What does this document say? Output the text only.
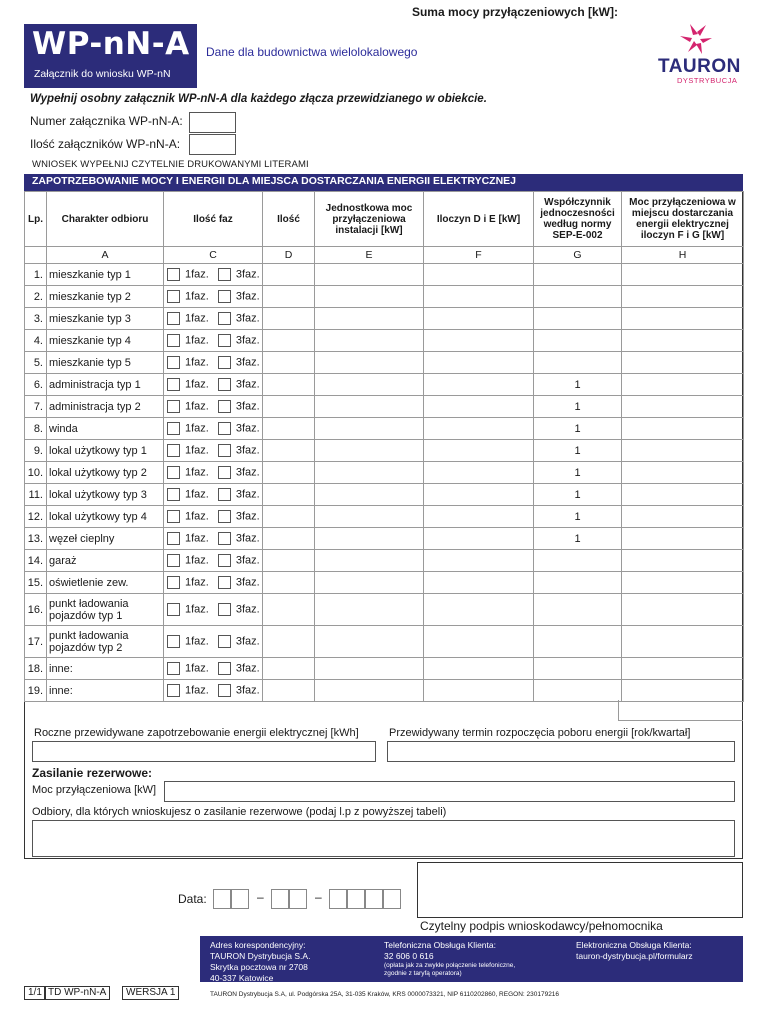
WP-nN-A
Załącznik do wniosku WP-nN
Dane dla budownictwa wielolokalowego
TAURON
DYSTRYBUCJA
Wypełnij osobny załącznik WP-nN-A dla każdego złącza przewidzianego w obiekcie.
Numer załącznika WP-nN-A:
Ilość załączników WP-nN-A:
WNIOSEK WYPEŁNIJ CZYTELNIE DRUKOWANYMI LITERAMI
ZAPOTRZEBOWANIE MOCY I ENERGII DLA MIEJSCA DOSTARCZANIA ENERGII ELEKTRYCZNEJ
Lp.	Charakter odbioru	Ilość faz	Ilość	Jednostkowa moc przyłączeniowa instalacji [kW]	Iloczyn D i E [kW]	Współczynnik jednoczesności według normy SEP-E-002	Moc przyłączeniowa w miejscu dostarczania energii elektrycznej iloczyn F i G [kW]
	A	C	D	E	F	G	H
1.	mieszkanie typ 1	1faz. 3faz.					
2.	mieszkanie typ 2	1faz. 3faz.					
3.	mieszkanie typ 3	1faz. 3faz.					
4.	mieszkanie typ 4	1faz. 3faz.					
5.	mieszkanie typ 5	1faz. 3faz.					
6.	administracja typ 1	1faz. 3faz.				1	
7.	administracja typ 2	1faz. 3faz.				1	
8.	winda	1faz. 3faz.				1	
9.	lokal użytkowy typ 1	1faz. 3faz.				1	
10.	lokal użytkowy typ 2	1faz. 3faz.				1	
11.	lokal użytkowy typ 3	1faz. 3faz.				1	
12.	lokal użytkowy typ 4	1faz. 3faz.				1	
13.	węzeł cieplny	1faz. 3faz.				1	
14.	garaż	1faz. 3faz.					
15.	oświetlenie zew.	1faz. 3faz.					
16.	punkt ładowania pojazdów typ 1	1faz. 3faz.					
17.	punkt ładowania pojazdów typ 2	1faz. 3faz.					
18.	inne:	1faz. 3faz.					
19.	inne:	1faz. 3faz.					
Suma mocy przyłączeniowych [kW]:
Roczne przewidywane zapotrzebowanie energii elektrycznej [kWh]	Przewidywany termin rozpoczęcia poboru energii [rok/kwartał]
Zasilanie rezerwowe:
Moc przyłączeniowa [kW]
Odbiory, dla których wnioskujesz o zasilanie rezerwowe (podaj l.p z powyższej tabeli)
Data:	–	–
Czytelny podpis wnioskodawcy/pełnomocnika
Adres korespondencyjny:
TAURON Dystrybucja S.A.
Skrytka pocztowa nr 2708
40-337 Katowice
Telefoniczna Obsługa Klienta:
32 606 0 616
(opłata jak za zwykłe połączenie telefoniczne,
zgodnie z taryfą operatora)
Elektroniczna Obsługa Klienta:
tauron-dystrybucja.pl/formularz
1/1 TD WP-nN-A	WERSJA 1	TAURON Dystrybucja S.A, ul. Podgórska 25A, 31-035 Kraków, KRS 0000073321, NIP 6110202860, REGON: 230179216
